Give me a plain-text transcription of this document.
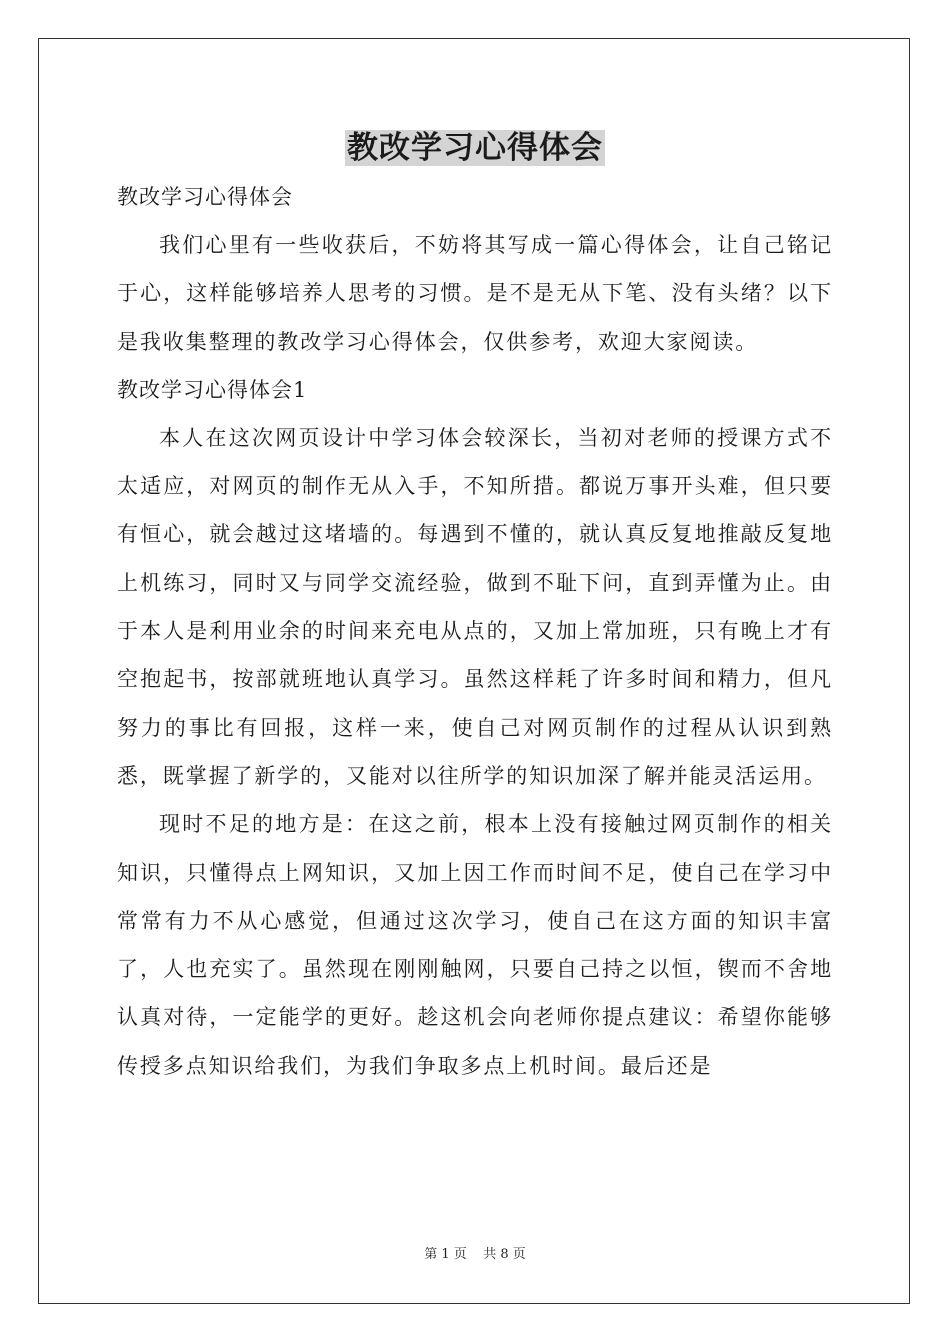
教改学习心得体会

教改学习心得体会

我们心里有一些收获后，不妨将其写成一篇心得体会，让自己铭记于心，这样能够培养人思考的习惯。是不是无从下笔、没有头绪？以下是我收集整理的教改学习心得体会，仅供参考，欢迎大家阅读。

教改学习心得体会1

本人在这次网页设计中学习体会较深长，当初对老师的授课方式不太适应，对网页的制作无从入手，不知所措。都说万事开头难，但只要有恒心，就会越过这堵墙的。每遇到不懂的，就认真反复地推敲反复地上机练习，同时又与同学交流经验，做到不耻下问，直到弄懂为止。由于本人是利用业余的时间来充电从点的，又加上常加班，只有晚上才有空抱起书，按部就班地认真学习。虽然这样耗了许多时间和精力，但凡努力的事比有回报，这样一来，使自己对网页制作的过程从认识到熟悉，既掌握了新学的，又能对以往所学的知识加深了解并能灵活运用。

现时不足的地方是：在这之前，根本上没有接触过网页制作的相关知识，只懂得点上网知识，又加上因工作而时间不足，使自己在学习中常常有力不从心感觉，但通过这次学习，使自己在这方面的知识丰富了，人也充实了。虽然现在刚刚触网，只要自己持之以恒，锲而不舍地认真对待，一定能学的更好。趁这机会向老师你提点建议：希望你能够传授多点知识给我们，为我们争取多点上机时间。最后还是

第 1 页    共 8 页
